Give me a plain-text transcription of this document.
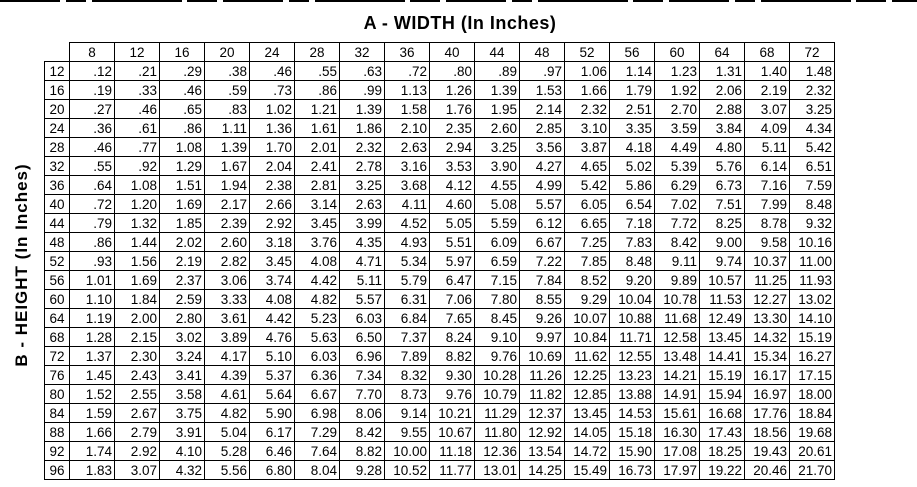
A - WIDTH (In Inches)
B - HEIGHT (In Inches)
	8	12	16	20	24	28	32	36	40	44	48	52	56	60	64	68	72
12	.12	.21	.29	.38	.46	.55	.63	.72	.80	.89	.97	1.06	1.14	1.23	1.31	1.40	1.48
16	.19	.33	.46	.59	.73	.86	.99	1.13	1.26	1.39	1.53	1.66	1.79	1.92	2.06	2.19	2.32
20	.27	.46	.65	.83	1.02	1.21	1.39	1.58	1.76	1.95	2.14	2.32	2.51	2.70	2.88	3.07	3.25
24	.36	.61	.86	1.11	1.36	1.61	1.86	2.10	2.35	2.60	2.85	3.10	3.35	3.59	3.84	4.09	4.34
28	.46	.77	1.08	1.39	1.70	2.01	2.32	2.63	2.94	3.25	3.56	3.87	4.18	4.49	4.80	5.11	5.42
32	.55	.92	1.29	1.67	2.04	2.41	2.78	3.16	3.53	3.90	4.27	4.65	5.02	5.39	5.76	6.14	6.51
36	.64	1.08	1.51	1.94	2.38	2.81	3.25	3.68	4.12	4.55	4.99	5.42	5.86	6.29	6.73	7.16	7.59
40	.72	1.20	1.69	2.17	2.66	3.14	2.63	4.11	4.60	5.08	5.57	6.05	6.54	7.02	7.51	7.99	8.48
44	.79	1.32	1.85	2.39	2.92	3.45	3.99	4.52	5.05	5.59	6.12	6.65	7.18	7.72	8.25	8.78	9.32
48	.86	1.44	2.02	2.60	3.18	3.76	4.35	4.93	5.51	6.09	6.67	7.25	7.83	8.42	9.00	9.58	10.16
52	.93	1.56	2.19	2.82	3.45	4.08	4.71	5.34	5.97	6.59	7.22	7.85	8.48	9.11	9.74	10.37	11.00
56	1.01	1.69	2.37	3.06	3.74	4.42	5.11	5.79	6.47	7.15	7.84	8.52	9.20	9.89	10.57	11.25	11.93
60	1.10	1.84	2.59	3.33	4.08	4.82	5.57	6.31	7.06	7.80	8.55	9.29	10.04	10.78	11.53	12.27	13.02
64	1.19	2.00	2.80	3.61	4.42	5.23	6.03	6.84	7.65	8.45	9.26	10.07	10.88	11.68	12.49	13.30	14.10
68	1.28	2.15	3.02	3.89	4.76	5.63	6.50	7.37	8.24	9.10	9.97	10.84	11.71	12.58	13.45	14.32	15.19
72	1.37	2.30	3.24	4.17	5.10	6.03	6.96	7.89	8.82	9.76	10.69	11.62	12.55	13.48	14.41	15.34	16.27
76	1.45	2.43	3.41	4.39	5.37	6.36	7.34	8.32	9.30	10.28	11.26	12.25	13.23	14.21	15.19	16.17	17.15
80	1.52	2.55	3.58	4.61	5.64	6.67	7.70	8.73	9.76	10.79	11.82	12.85	13.88	14.91	15.94	16.97	18.00
84	1.59	2.67	3.75	4.82	5.90	6.98	8.06	9.14	10.21	11.29	12.37	13.45	14.53	15.61	16.68	17.76	18.84
88	1.66	2.79	3.91	5.04	6.17	7.29	8.42	9.55	10.67	11.80	12.92	14.05	15.18	16.30	17.43	18.56	19.68
92	1.74	2.92	4.10	5.28	6.46	7.64	8.82	10.00	11.18	12.36	13.54	14.72	15.90	17.08	18.25	19.43	20.61
96	1.83	3.07	4.32	5.56	6.80	8.04	9.28	10.52	11.77	13.01	14.25	15.49	16.73	17.97	19.22	20.46	21.70
